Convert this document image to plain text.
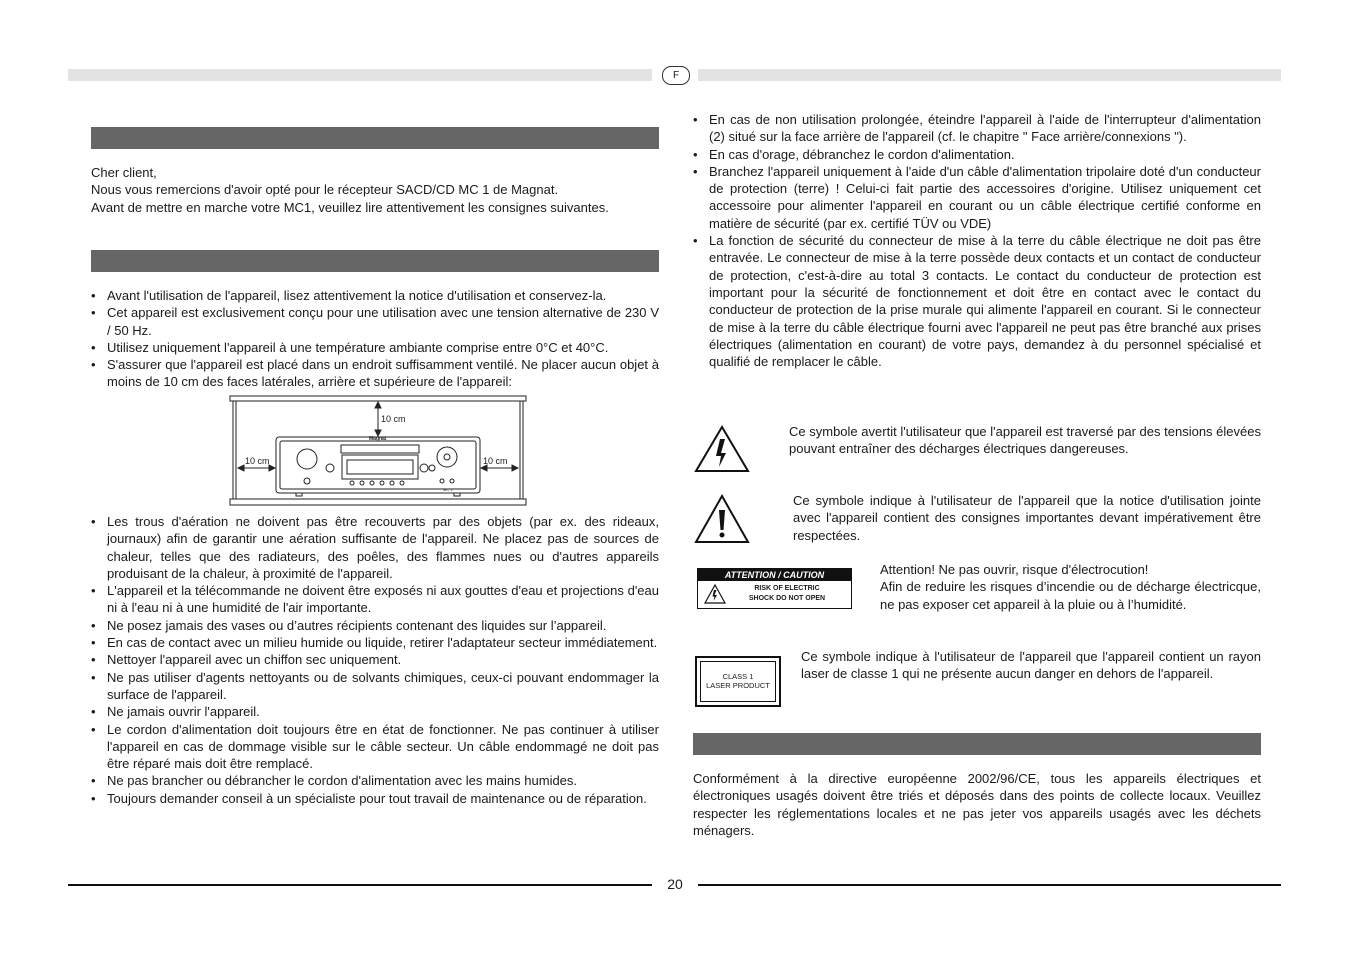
F
Cher client,
Nous vous remercions d'avoir opté pour le récepteur SACD/CD MC 1 de Magnat.
Avant de mettre en marche votre MC1, veuillez lire attentivement les consignes suivantes.
• Avant l'utilisation de l'appareil, lisez attentivement la notice d'utilisation et conservez-la.
• Cet appareil est exclusivement conçu pour une utilisation avec une tension alternative de 230 V / 50 Hz.
• Utilisez uniquement l'appareil à une température ambiante comprise entre 0°C et 40°C.
• S'assurer que l'appareil est placé dans un endroit suffisamment ventilé. Ne placer aucun objet à moins de 10 cm des faces latérales, arrière et supérieure de l'appareil:
10 cm
10 cm	10 cm
Magnat
MC 1
• Les trous d'aération ne doivent pas être recouverts par des objets (par ex. des rideaux, journaux) afin de garantir une aération suffisante de l'appareil. Ne placez pas de sources de chaleur, telles que des radiateurs, des poêles, des flammes nues ou d'autres appareils produisant de la chaleur, à proximité de l'appareil.
• L'appareil et la télécommande ne doivent être exposés ni aux gouttes d'eau et projections d'eau ni à l'eau ni à une humidité de l'air importante.
• Ne posez jamais des vases ou d’autres récipients contenant des liquides sur l’appareil.
• En cas de contact avec un milieu humide ou liquide, retirer l'adaptateur secteur immédiatement.
• Nettoyer l'appareil avec un chiffon sec uniquement.
• Ne pas utiliser d'agents nettoyants ou de solvants chimiques, ceux-ci pouvant endommager la surface de l'appareil.
• Ne jamais ouvrir l'appareil.
• Le cordon d'alimentation doit toujours être en état de fonctionner. Ne pas continuer à utiliser l'appareil en cas de dommage visible sur le câble secteur. Un câble endommagé ne doit pas être réparé mais doit être remplacé.
• Ne pas brancher ou débrancher le cordon d'alimentation avec les mains humides.
• Toujours demander conseil à un spécialiste pour tout travail de maintenance ou de réparation.
• En cas de non utilisation prolongée, éteindre l'appareil à l'aide de l'interrupteur d'alimentation (2) situé sur la face arrière de l'appareil (cf. le chapitre " Face arrière/connexions ").
• En cas d'orage, débranchez le cordon d'alimentation.
• Branchez l'appareil uniquement à l'aide d'un câble d'alimentation tripolaire doté d'un conducteur de protection (terre) ! Celui-ci fait partie des accessoires d'origine. Utilisez uniquement cet accessoire pour alimenter l'appareil en courant ou un câble électrique certifié conforme en matière de sécurité (par ex. certifié TÜV ou VDE)
• La fonction de sécurité du connecteur de mise à la terre du câble électrique ne doit pas être entravée. Le connecteur de mise à la terre possède deux contacts et un contact de conducteur de protection, c'est-à-dire au total 3 contacts. Le contact du conducteur de protection est important pour la sécurité de fonctionnement et doit être en contact avec le contact du conducteur de protection de la prise murale qui alimente l'appareil en courant. Si le connecteur de mise à la terre du câble électrique fourni avec l'appareil ne peut pas être branché aux prises électriques (alimentation en courant) de votre pays, demandez à du personnel spécialisé et qualifié de remplacer le câble.
Ce symbole avertit l'utilisateur que l'appareil est traversé par des tensions élevées pouvant entraîner des décharges électriques dangereuses.
Ce symbole indique à l'utilisateur de l'appareil que la notice d'utilisation jointe avec l'appareil contient des consignes importantes devant impérativement être respectées.
ATTENTION / CAUTION
RISK OF ELECTRIC
SHOCK DO NOT OPEN
Attention! Ne pas ouvrir, risque d'électrocution!
Afin de reduire les risques d’incendie ou de décharge électricque, ne pas exposer cet appareil à la pluie ou à l’humidité.
CLASS 1
LASER PRODUCT
Ce symbole indique à l'utilisateur de l'appareil que l'appareil contient un rayon laser de classe 1 qui ne présente aucun danger en dehors de l'appareil.
Conformément à la directive européenne 2002/96/CE, tous les appareils électriques et électroniques usagés doivent être triés et déposés dans des points de collecte locaux. Veuillez respecter les réglementations locales et ne pas jeter vos appareils usagés avec les déchets ménagers.
20
